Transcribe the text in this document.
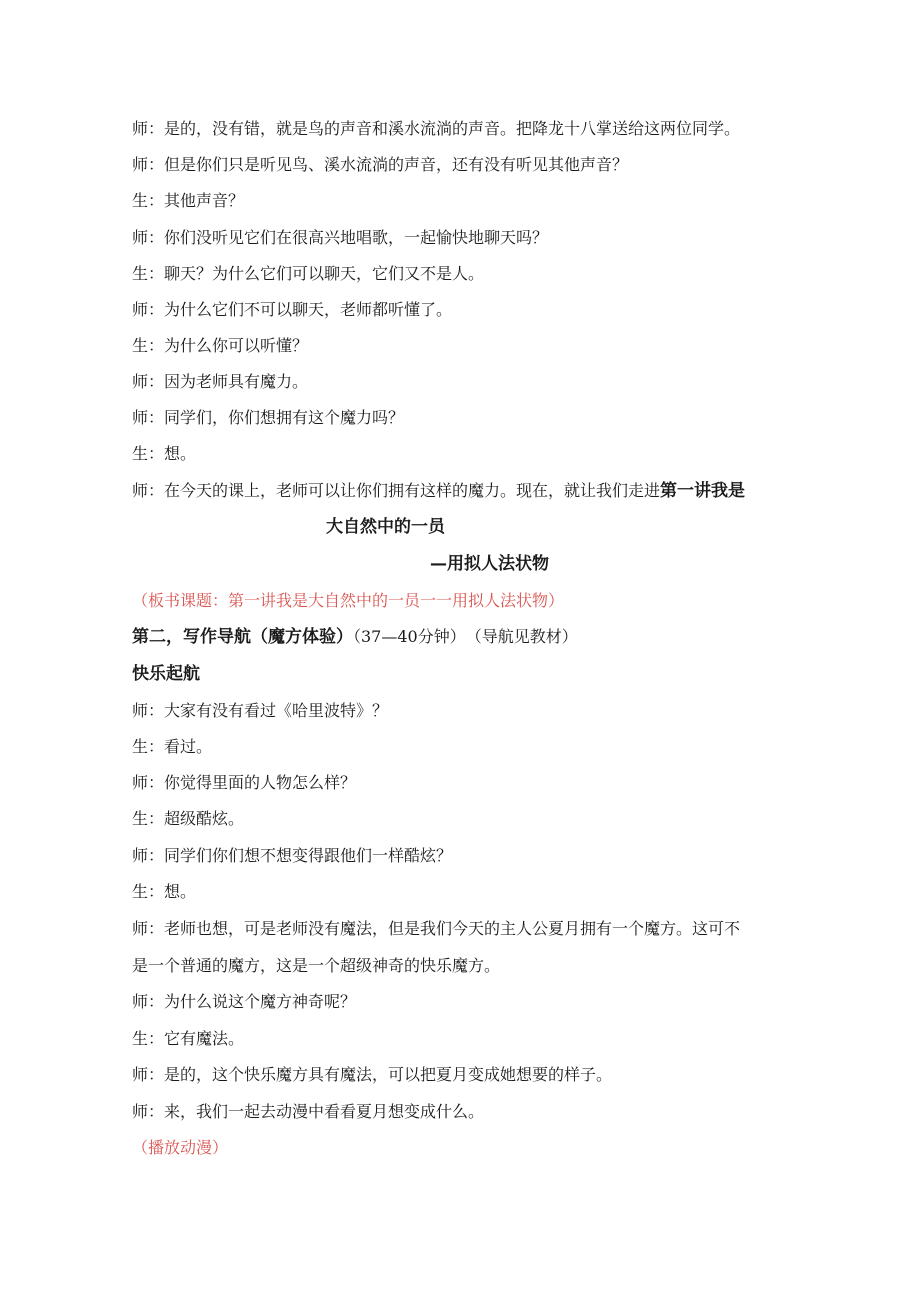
师：是的，没有错，就是鸟的声音和溪水流淌的声音。把降龙十八掌送给这两位同学。
师：但是你们只是听见鸟、溪水流淌的声音，还有没有听见其他声音？
生：其他声音？
师：你们没听见它们在很高兴地唱歌，一起愉快地聊天吗？
生：聊天？为什么它们可以聊天，它们又不是人。
师：为什么它们不可以聊天，老师都听懂了。
生：为什么你可以听懂？
师：因为老师具有魔力。
师：同学们，你们想拥有这个魔力吗？
生：想。
师：在今天的课上，老师可以让你们拥有这样的魔力。现在，就让我们走进第一讲我是
大自然中的一员
—用拟人法状物
（板书课题：第一讲我是大自然中的一员一一用拟人法状物）
第二，写作导航（魔方体验）（37—40分钟） （导航见教材）
快乐起航
师：大家有没有看过《哈里波特》？
生：看过。
师：你觉得里面的人物怎么样？
生：超级酷炫。
师：同学们你们想不想变得跟他们一样酷炫？
生：想。
师：老师也想，可是老师没有魔法，但是我们今天的主人公夏月拥有一个魔方。这可不
是一个普通的魔方，这是一个超级神奇的快乐魔方。
师：为什么说这个魔方神奇呢？
生：它有魔法。
师：是的，这个快乐魔方具有魔法，可以把夏月变成她想要的样子。
师：来，我们一起去动漫中看看夏月想变成什么。
（播放动漫）
